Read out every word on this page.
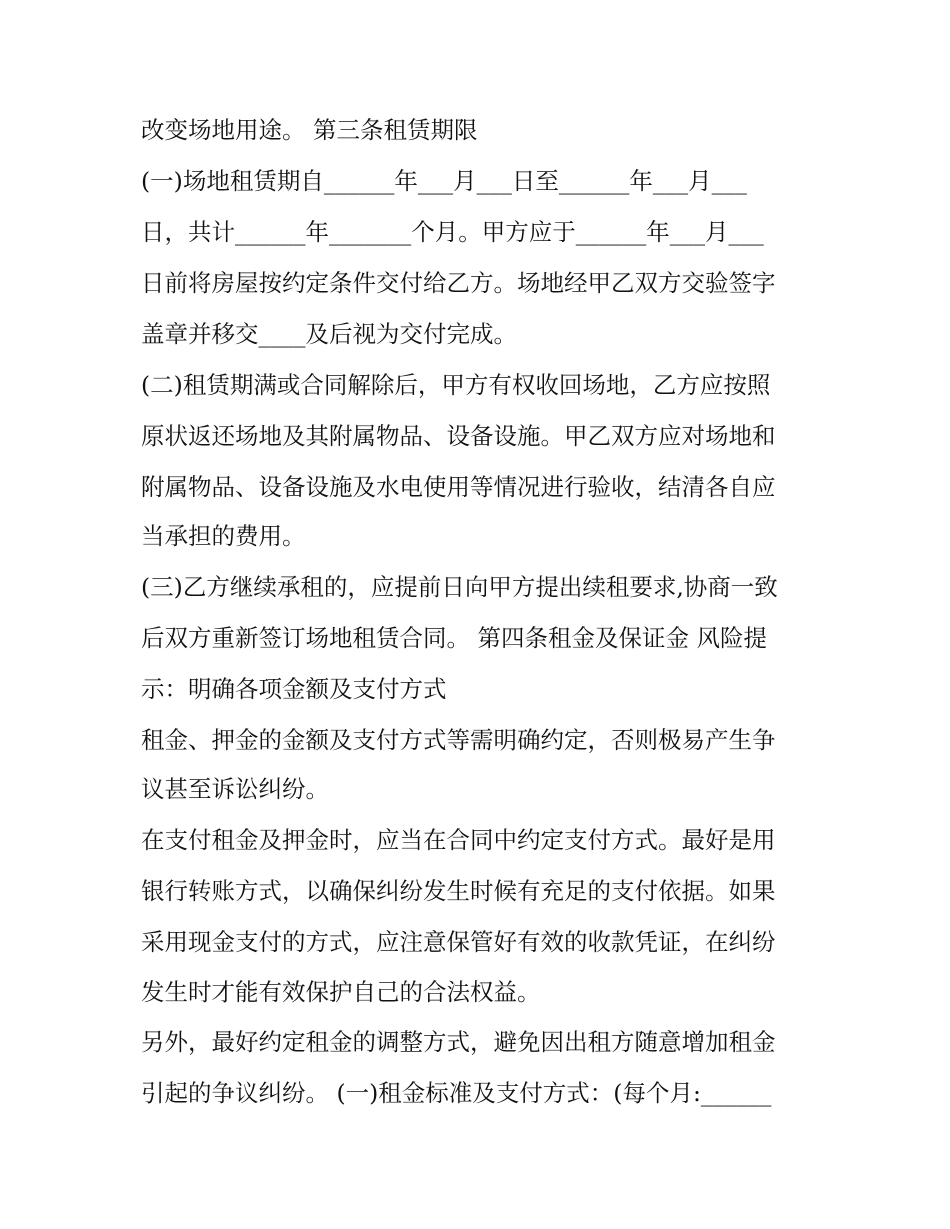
改变场地用途。 第三条租赁期限
(一)场地租赁期自______年___月___日至______年___月___
日，共计______年_______个月。甲方应于______年___月___
日前将房屋按约定条件交付给乙方。场地经甲乙双方交验签字
盖章并移交____及后视为交付完成。
(二)租赁期满或合同解除后，甲方有权收回场地，乙方应按照
原状返还场地及其附属物品、设备设施。甲乙双方应对场地和
附属物品、设备设施及水电使用等情况进行验收，结清各自应
当承担的费用。
(三)乙方继续承租的，应提前日向甲方提出续租要求,协商一致
后双方重新签订场地租赁合同。 第四条租金及保证金 风险提
示：明确各项金额及支付方式
租金、押金的金额及支付方式等需明确约定，否则极易产生争
议甚至诉讼纠纷。
在支付租金及押金时，应当在合同中约定支付方式。最好是用
银行转账方式，以确保纠纷发生时候有充足的支付依据。如果
采用现金支付的方式，应注意保管好有效的收款凭证，在纠纷
发生时才能有效保护自己的合法权益。
另外，最好约定租金的调整方式，避免因出租方随意增加租金
引起的争议纠纷。 (一)租金标准及支付方式：(每个月:______
